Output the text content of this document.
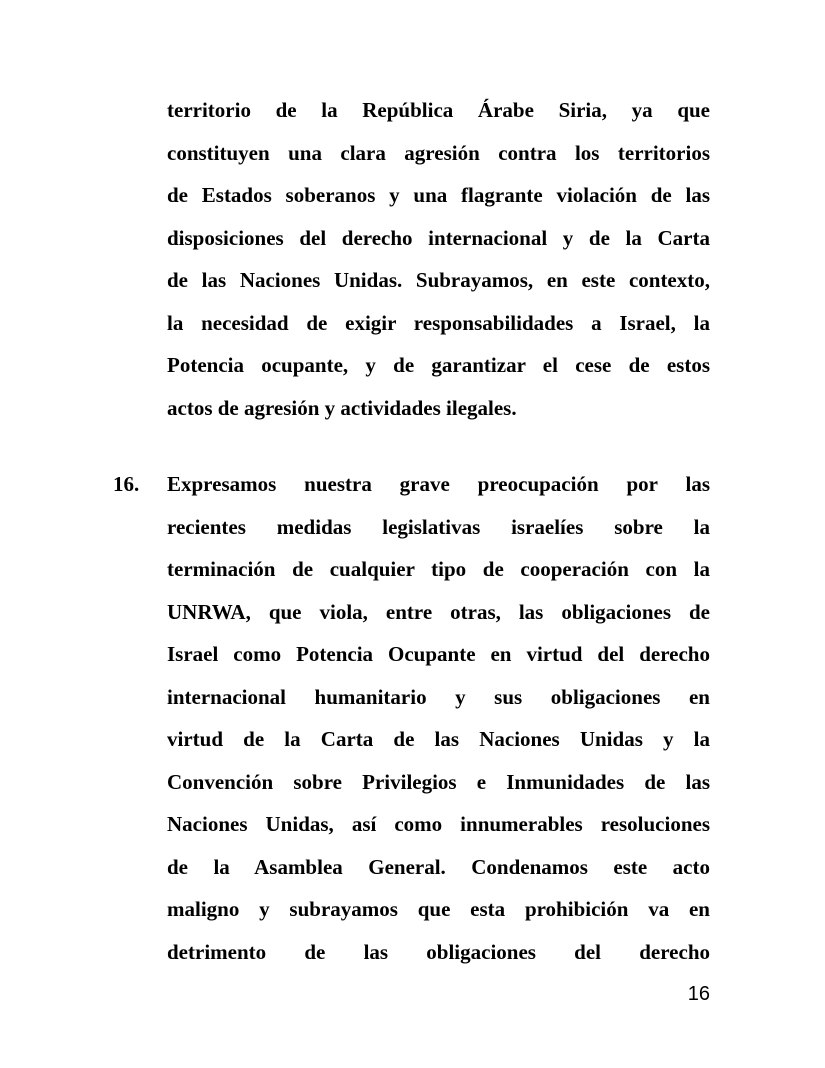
territorio de la República Árabe Siria, ya que
constituyen una clara agresión contra los territorios
de Estados soberanos y una flagrante violación de las
disposiciones del derecho internacional y de la Carta
de las Naciones Unidas. Subrayamos, en este contexto,
la necesidad de exigir responsabilidades a Israel, la
Potencia ocupante, y de garantizar el cese de estos
actos de agresión y actividades ilegales.
16. Expresamos nuestra grave preocupación por las
recientes medidas legislativas israelíes sobre la
terminación de cualquier tipo de cooperación con la
UNRWA, que viola, entre otras, las obligaciones de
Israel como Potencia Ocupante en virtud del derecho
internacional humanitario y sus obligaciones en
virtud de la Carta de las Naciones Unidas y la
Convención sobre Privilegios e Inmunidades de las
Naciones Unidas, así como innumerables resoluciones
de la Asamblea General. Condenamos este acto
maligno y subrayamos que esta prohibición va en
detrimento de las obligaciones del derecho
16
